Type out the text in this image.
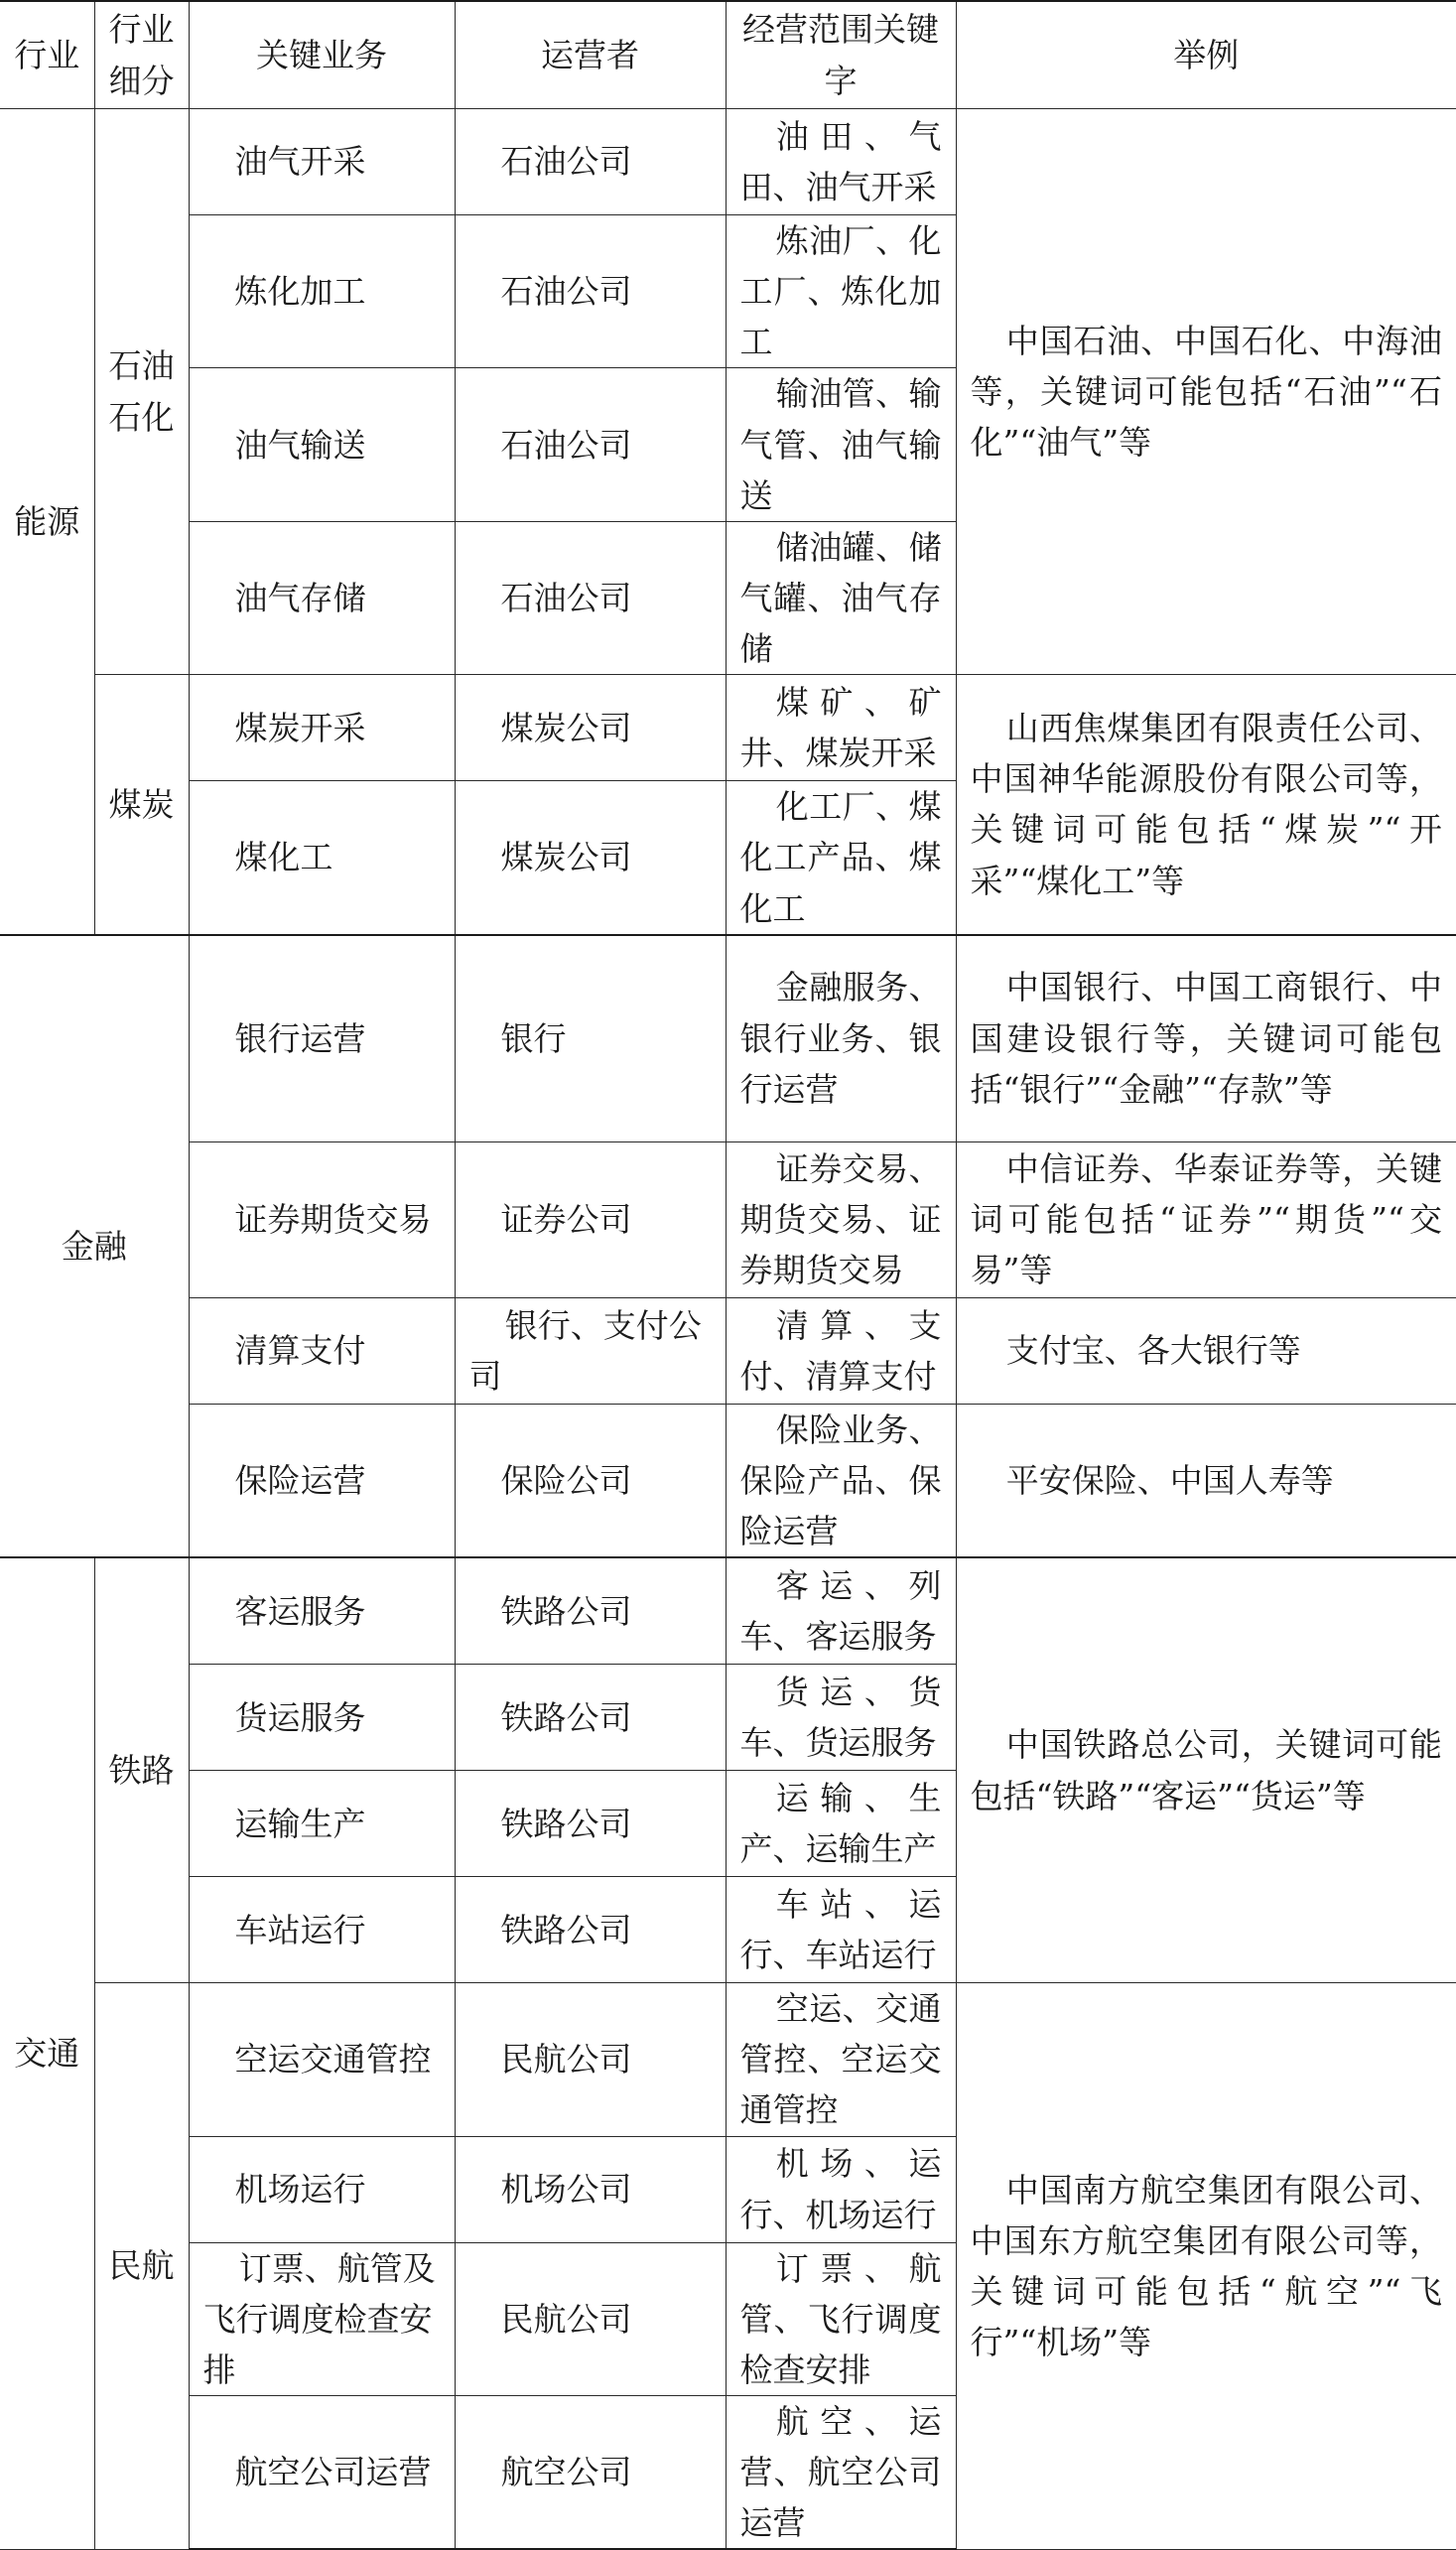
行业	行业细分	关键业务	运营者	经营范围关键字	举例
能源	石油石化	油气开采	石油公司	油田、气田、油气开采	中国石油、中国石化、中海油等，关键词可能包括“石油”“石化”“油气”等
		炼化加工	石油公司	炼油厂、化工厂、炼化加工	
		油气输送	石油公司	输油管、输气管、油气输送	
		油气存储	石油公司	储油罐、储气罐、油气存储	
	煤炭	煤炭开采	煤炭公司	煤矿、矿井、煤炭开采	山西焦煤集团有限责任公司、中国神华能源股份有限公司等，关键词可能包括“煤炭”“开采”“煤化工”等
		煤化工	煤炭公司	化工厂、煤化工产品、煤化工	
金融		银行运营	银行	金融服务、银行业务、银行运营	中国银行、中国工商银行、中国建设银行等，关键词可能包括“银行”“金融”“存款”等
		证券期货交易	证券公司	证券交易、期货交易、证券期货交易	中信证券、华泰证券等，关键词可能包括“证券”“期货”“交易”等
		清算支付	银行、支付公司	清算、支付、清算支付	支付宝、各大银行等
		保险运营	保险公司	保险业务、保险产品、保险运营	平安保险、中国人寿等
交通	铁路	客运服务	铁路公司	客运、列车、客运服务	中国铁路总公司，关键词可能包括“铁路”“客运”“货运”等
		货运服务	铁路公司	货运、货车、货运服务	
		运输生产	铁路公司	运输、生产、运输生产	
		车站运行	铁路公司	车站、运行、车站运行	
	民航	空运交通管控	民航公司	空运、交通管控、空运交通管控	中国南方航空集团有限公司、中国东方航空集团有限公司等，关键词可能包括“航空”“飞行”“机场”等
		机场运行	机场公司	机场、运行、机场运行	
		订票、航管及飞行调度检查安排	民航公司	订票、航管、飞行调度检查安排	
		航空公司运营	航空公司	航空、运营、航空公司运营	
